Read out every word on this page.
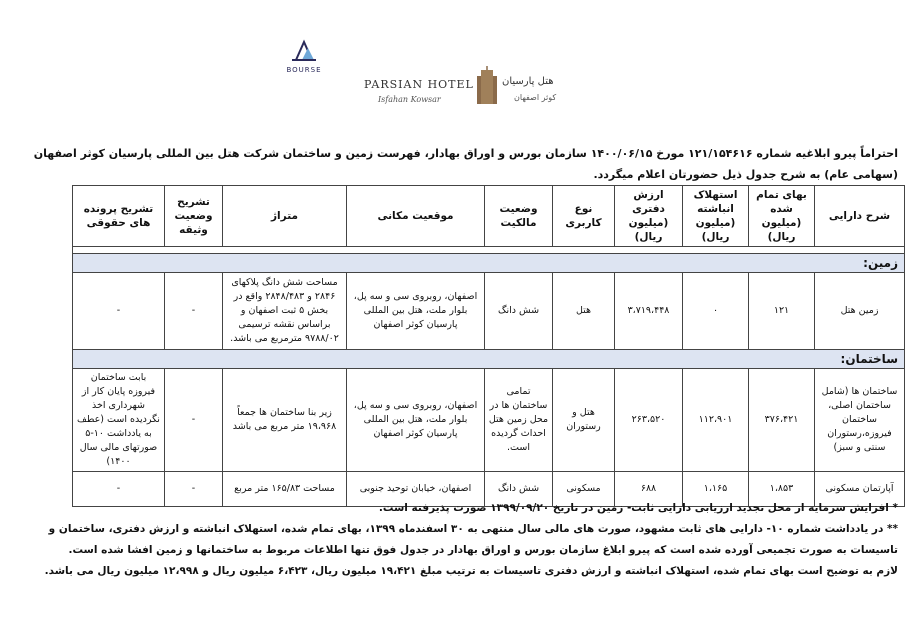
BOURSE
PARSIAN HOTEL
Isfahan Kowsar
هتل پارسیان
کوثر اصفهان
احتراماً پیرو ابلاغیه شماره ۱۲۱/۱۵۴۶۱۶ مورخ ۱۴۰۰/۰۶/۱۵ سازمان بورس و اوراق بهادار، فهرست زمین و ساختمان شرکت هتل بین المللی پارسیان کوثر اصفهان (سهامی عام) به شرح جدول ذیل حضورتان اعلام میگردد.
شرح دارایی	بهای تمام شده (میلیون ریال)	استهلاک انباشته (میلیون ریال)	ارزش دفتری (میلیون ریال)	نوع کاربری	وضعیت مالکیت	موقعیت مکانی	متراژ	تشریح وضعیت وثیقه	تشریح پرونده های حقوقی

زمین:									
زمین هتل	۱۲۱	۰	۳،۷۱۹،۴۴۸	هتل	شش دانگ	اصفهان، روبروی سی و سه پل، بلوار ملت، هتل بین المللی پارسیان کوثر اصفهان	مساحت شش دانگ پلاکهای ۲۸۴۶ و ۲۸۴۸/۴۸۳ واقع در بخش ۵ ثبت اصفهان و براساس نقشه ترسیمی ۹۷۸۸/۰۲ مترمربع می باشد.	-	-
ساختمان:									
ساختمان ها (شامل ساختمان اصلی، ساختمان فیروزه،رستوران سنتی و سبز)	۳۷۶،۴۲۱	۱۱۲،۹۰۱	۲۶۳،۵۲۰	هتل و رستوران	تمامی ساختمان ها در محل زمین هتل احداث گردیده است.	اصفهان، روبروی سی و سه پل، بلوار ملت، هتل بین المللی پارسیان کوثر اصفهان	زیر بنا ساختمان ها جمعاً ۱۹،۹۶۸ متر مربع می باشد	-	بابت ساختمان فیروزه پایان کار از شهرداری اخذ نگردیده است (عطف به یادداشت ۱۰-۵ صورتهای مالی سال ۱۴۰۰)
آپارتمان مسکونی	۱،۸۵۳	۱،۱۶۵	۶۸۸	مسکونی	شش دانگ	اصفهان، خیابان توحید جنوبی	مساحت ۱۶۵/۸۳ متر مربع	-	-

* افزایش سرمایه از محل تجدید ارزیابی دارایی ثابت- زمین در تاریخ ۱۳۹۹/۰۹/۲۰ صورت پذیرفته است.

** در یادداشت شماره ۱۰- دارایی های ثابت مشهود، صورت های مالی سال منتهی به ۳۰ اسفندماه ۱۳۹۹، بهای تمام شده، استهلاک انباشته و ارزش دفتری، ساختمان و تاسیسات به صورت تجمیعی آورده شده است که پیرو ابلاغ سازمان بورس و اوراق بهادار در جدول فوق تنها اطلاعات مربوط به ساختمانها و زمین افشا شده است.

لازم به توضیح است بهای تمام شده، استهلاک انباشته و ارزش دفتری تاسیسات به ترتیب مبلغ ۱۹،۴۲۱ میلیون ریال، ۶،۴۲۳ میلیون ریال و ۱۲،۹۹۸ میلیون ریال می باشد.
